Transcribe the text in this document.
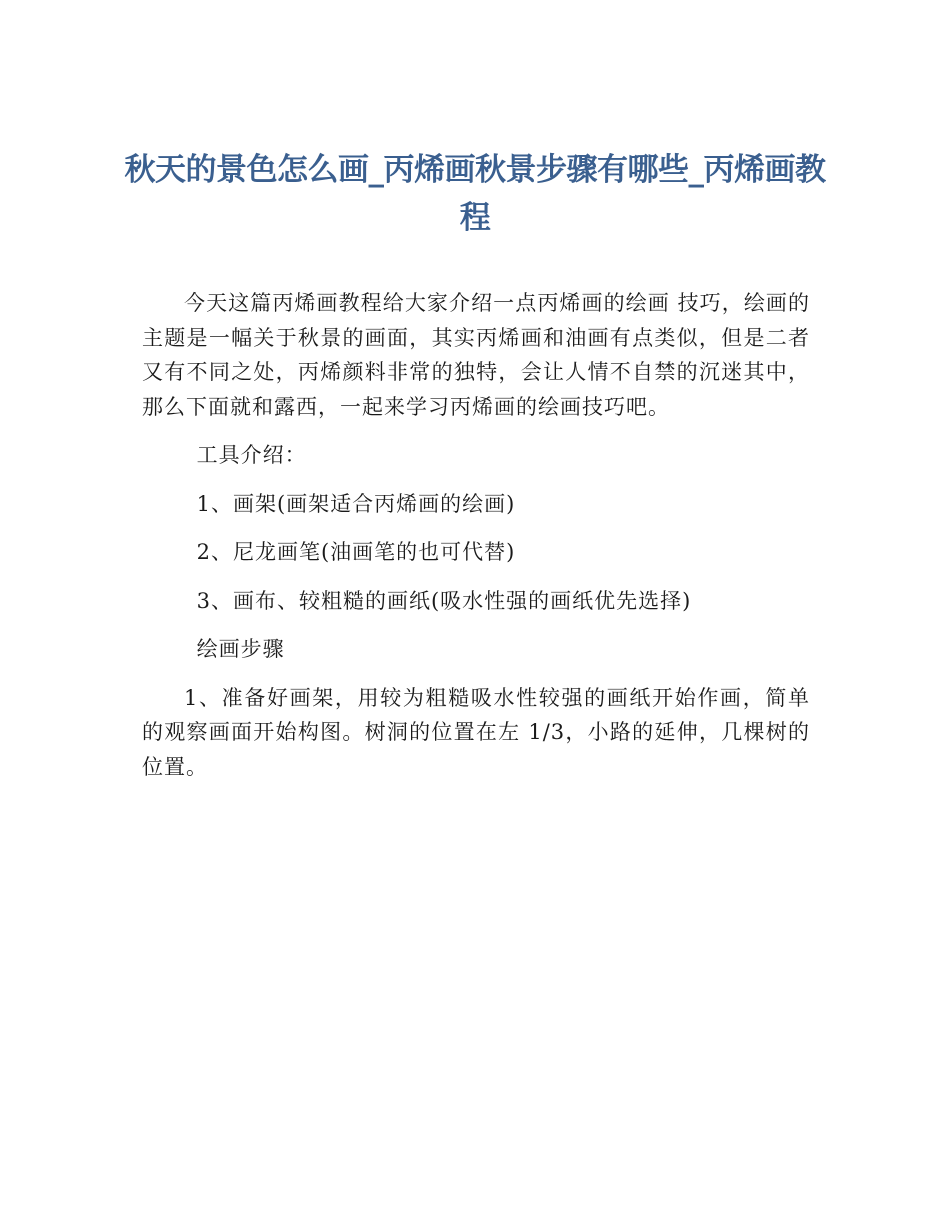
秋天的景色怎么画_丙烯画秋景步骤有哪些_丙烯画教程

今天这篇丙烯画教程给大家介绍一点丙烯画的绘画 技巧，绘画的主题是一幅关于秋景的画面，其实丙烯画和油画有点类似，但是二者又有不同之处，丙烯颜料非常的独特，会让人情不自禁的沉迷其中，那么下面就和露西，一起来学习丙烯画的绘画技巧吧。

工具介绍：

1、画架(画架适合丙烯画的绘画)

2、尼龙画笔(油画笔的也可代替)

3、画布、较粗糙的画纸(吸水性强的画纸优先选择)

绘画步骤

1、准备好画架，用较为粗糙吸水性较强的画纸开始作画，简单的观察画面开始构图。树洞的位置在左 1/3，小路的延伸，几棵树的位置。
